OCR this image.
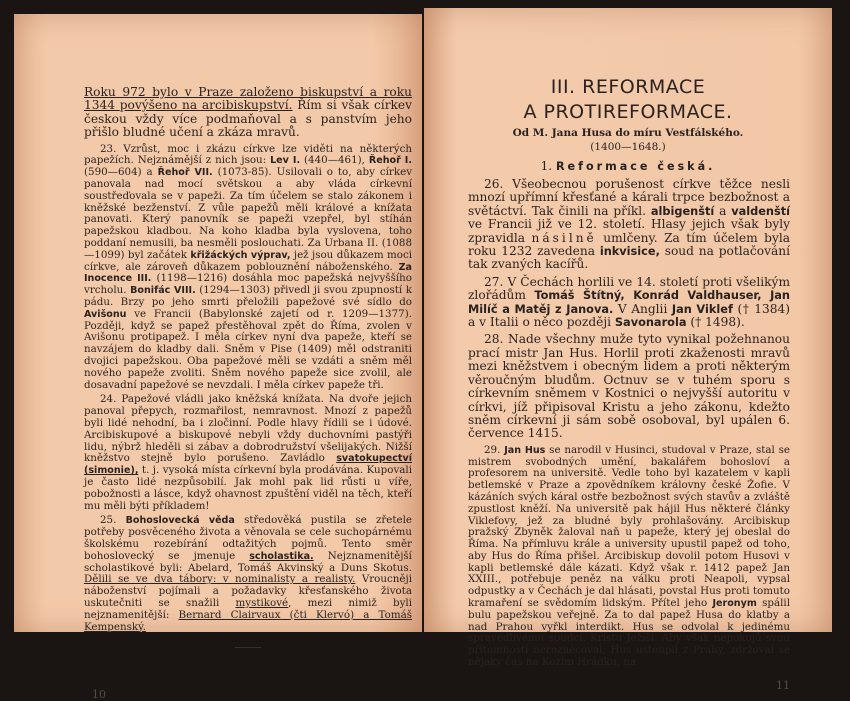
Roku 972 bylo v Praze založeno biskupství a roku 1344 povýšeno na arcibiskupství. Řím si však církev českou vždy více podmaňoval a s panstvím jeho přišlo bludné učení a zkáza mravů.

23. Vzrůst, moc i zkázu církve lze viděti na některých papežích. Nejznámější z nich jsou: Lev I. (440—461), Řehoř I. (590—604) a Řehoř VII. (1073-85). Usilovali o to, aby církev panovala nad mocí světskou a aby vláda církevní soustřeďovala se v papeži. Za tím účelem se stalo zákonem i kněžské bezženství. Z vůle papežů měli králové a knížata panovati. Který panovník se papeži vzepřel, byl stíhán papežskou kladbou. Na koho kladba byla vyslovena, toho poddaní nemusili, ba nesměli poslouchati. Za Urbana II. (1088—1099) byl začátek křižáckých výprav, jež jsou důkazem moci církve, ale zároveň důkazem poblouznění náboženského. Za Inocence III. (1198—1216) dosáhla moc papežská nejvyššího vrcholu. Bonifác VIII. (1294—1303) přivedl ji svou zpupností k pádu. Brzy po jeho smrti přeložili papežové své sídlo do Avišonu ve Francii (Babylonské zajetí od r. 1209—1377). Později, když se papež přestěhoval zpět do Říma, zvolen v Avišonu protipapež. I měla církev nyní dva papeže, kteří se navzájem do kladby dali. Sněm v Pise (1409) měl odstraniti dvojici papežskou. Oba papežové měli se vzdáti a sněm měl nového papeže zvoliti. Sněm nového papeže sice zvolil, ale dosavadní papežové se nevzdali. I měla církev papeže tři.

24. Papežové vládli jako kněžská knížata. Na dvoře jejich panoval přepych, rozmařilost, nemravnost. Mnozí z papežů byli lidé nehodní, ba i zločinní. Podle hlavy řídili se i údové. Arcibiskupové a biskupové nebyli vždy duchovními pastýři lidu, nýbrž hleděli si zábav a dobrodružství všelijakých. Nižší kněžstvo stejně bylo porušeno. Zavládlo svatokupectví (simonie), t. j. vysoká místa církevní byla prodávána. Kupovali je často lidé nezpůsobilí. Jak mohl pak lid růsti u víře, pobožnosti a lásce, když ohavnost zpuštění viděl na těch, kteří mu měli býti příkladem!

25. Bohoslovecká věda středověká pustila se zřetele potřeby posvěceného života a věnovala se cele suchopárnému školskému rozebírání odtažitých pojmů. Tento směr bohoslovecký se jmenuje scholastika. Nejznamenitější scholastikové byli: Abelard, Tomáš Akvinský a Duns Skotus. Dělili se ve dva tábory: v nominalisty a realisty. Vroucněji náboženství pojímali a požadavky křesťanského života uskutečniti se snažili mystikové, mezi nimiž byli nejznamenitější: Bernard Clairvaux (čti Klervó) a Tomáš Kempenský.

10
III. REFORMACE
A PROTIREFORMACE.
Od M. Jana Husa do míru Vestfálského.
(1400—1648.)
1. Reformace česká.

26. Všeobecnou porušenost církve těžce nesli mnozí upřímní křesťané a kárali trpce bezbožnost a světáctví. Tak činili na příkl. albigenští a valdenští ve Francii již ve 12. století. Hlasy jejich však byly zpravidla násilně umlčeny. Za tím účelem byla roku 1232 zavedena inkvisice, soud na potlačování tak zvaných kacířů.

27. V Čechách horlili ve 14. století proti všelikým zlořádům Tomáš Štítný, Konrád Valdhauser, Jan Milíč a Matěj z Janova. V Anglii Jan Viklef († 1384) a v Italii o něco později Savonarola († 1498).

28. Nade všechny muže tyto vynikal požehnanou prací mistr Jan Hus. Horlil proti zkaženosti mravů mezi kněžstvem i obecným lidem a proti některým věroučným bludům. Octnuv se v tuhém sporu s církevním sněmem v Kostnici o nejvyšší autoritu v církvi, jíž připisoval Kristu a jeho zákonu, kdežto sněm církevní ji sám sobě osoboval, byl upálen 6. července 1415.

29. Jan Hus se narodil v Husinci, studoval v Praze, stal se mistrem svobodných umění, bakalářem bohosloví a profesorem na universitě. Vedle toho byl kazatelem v kapli betlemské v Praze a zpovědníkem královny české Žofie. V kázáních svých káral ostře bezbožnost svých stavův a zvláště zpustlost kněží. Na universitě pak hájil Hus některé články Viklefovy, jež za bludné byly prohlašovány. Arcibiskup pražský Zbyněk žaloval naň u papeže, který jej obeslal do Říma. Na přímluvu krále a university upustil papež od toho, aby Hus do Říma přišel. Arcibiskup dovolil potom Husovi v kapli betlemské dále kázati. Když však r. 1412 papež Jan XXIII., potřebuje peněz na válku proti Neapoli, vypsal odpustky a v Čechách je dal hlásati, povstal Hus proti tomuto kramaření se svědomím lidským. Přítel jeho Jeronym spálil bulu papežskou veřejně. Za to dal papež Husa do klatby a nad Prahou vyřkl interdikt. Hus se odvolal k jedinému spravedlivému soudci, Kristu Ježíši. Aby však nepokojů svou přítomností nerozněcoval, Hus ustoupil z Prahy, zdržoval se nějaký čas na Kozím Hrádku, na

11
